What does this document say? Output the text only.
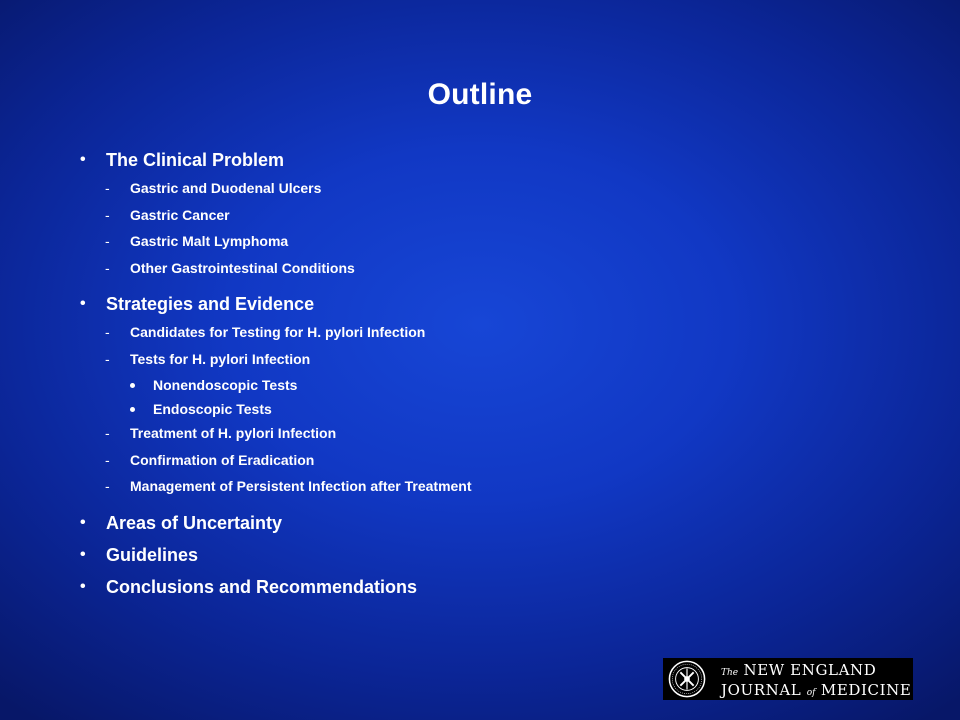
Outline
• The Clinical Problem
- Gastric and Duodenal Ulcers
- Gastric Cancer
- Gastric Malt Lymphoma
- Other Gastrointestinal Conditions
• Strategies and Evidence
- Candidates for Testing for H. pylori Infection
- Tests for H. pylori Infection
Nonendoscopic Tests
Endoscopic Tests
- Treatment of H. pylori Infection
- Confirmation of Eradication
- Management of Persistent Infection after Treatment
• Areas of Uncertainty
• Guidelines
• Conclusions and Recommendations
The NEW ENGLAND
JOURNAL of MEDICINE
